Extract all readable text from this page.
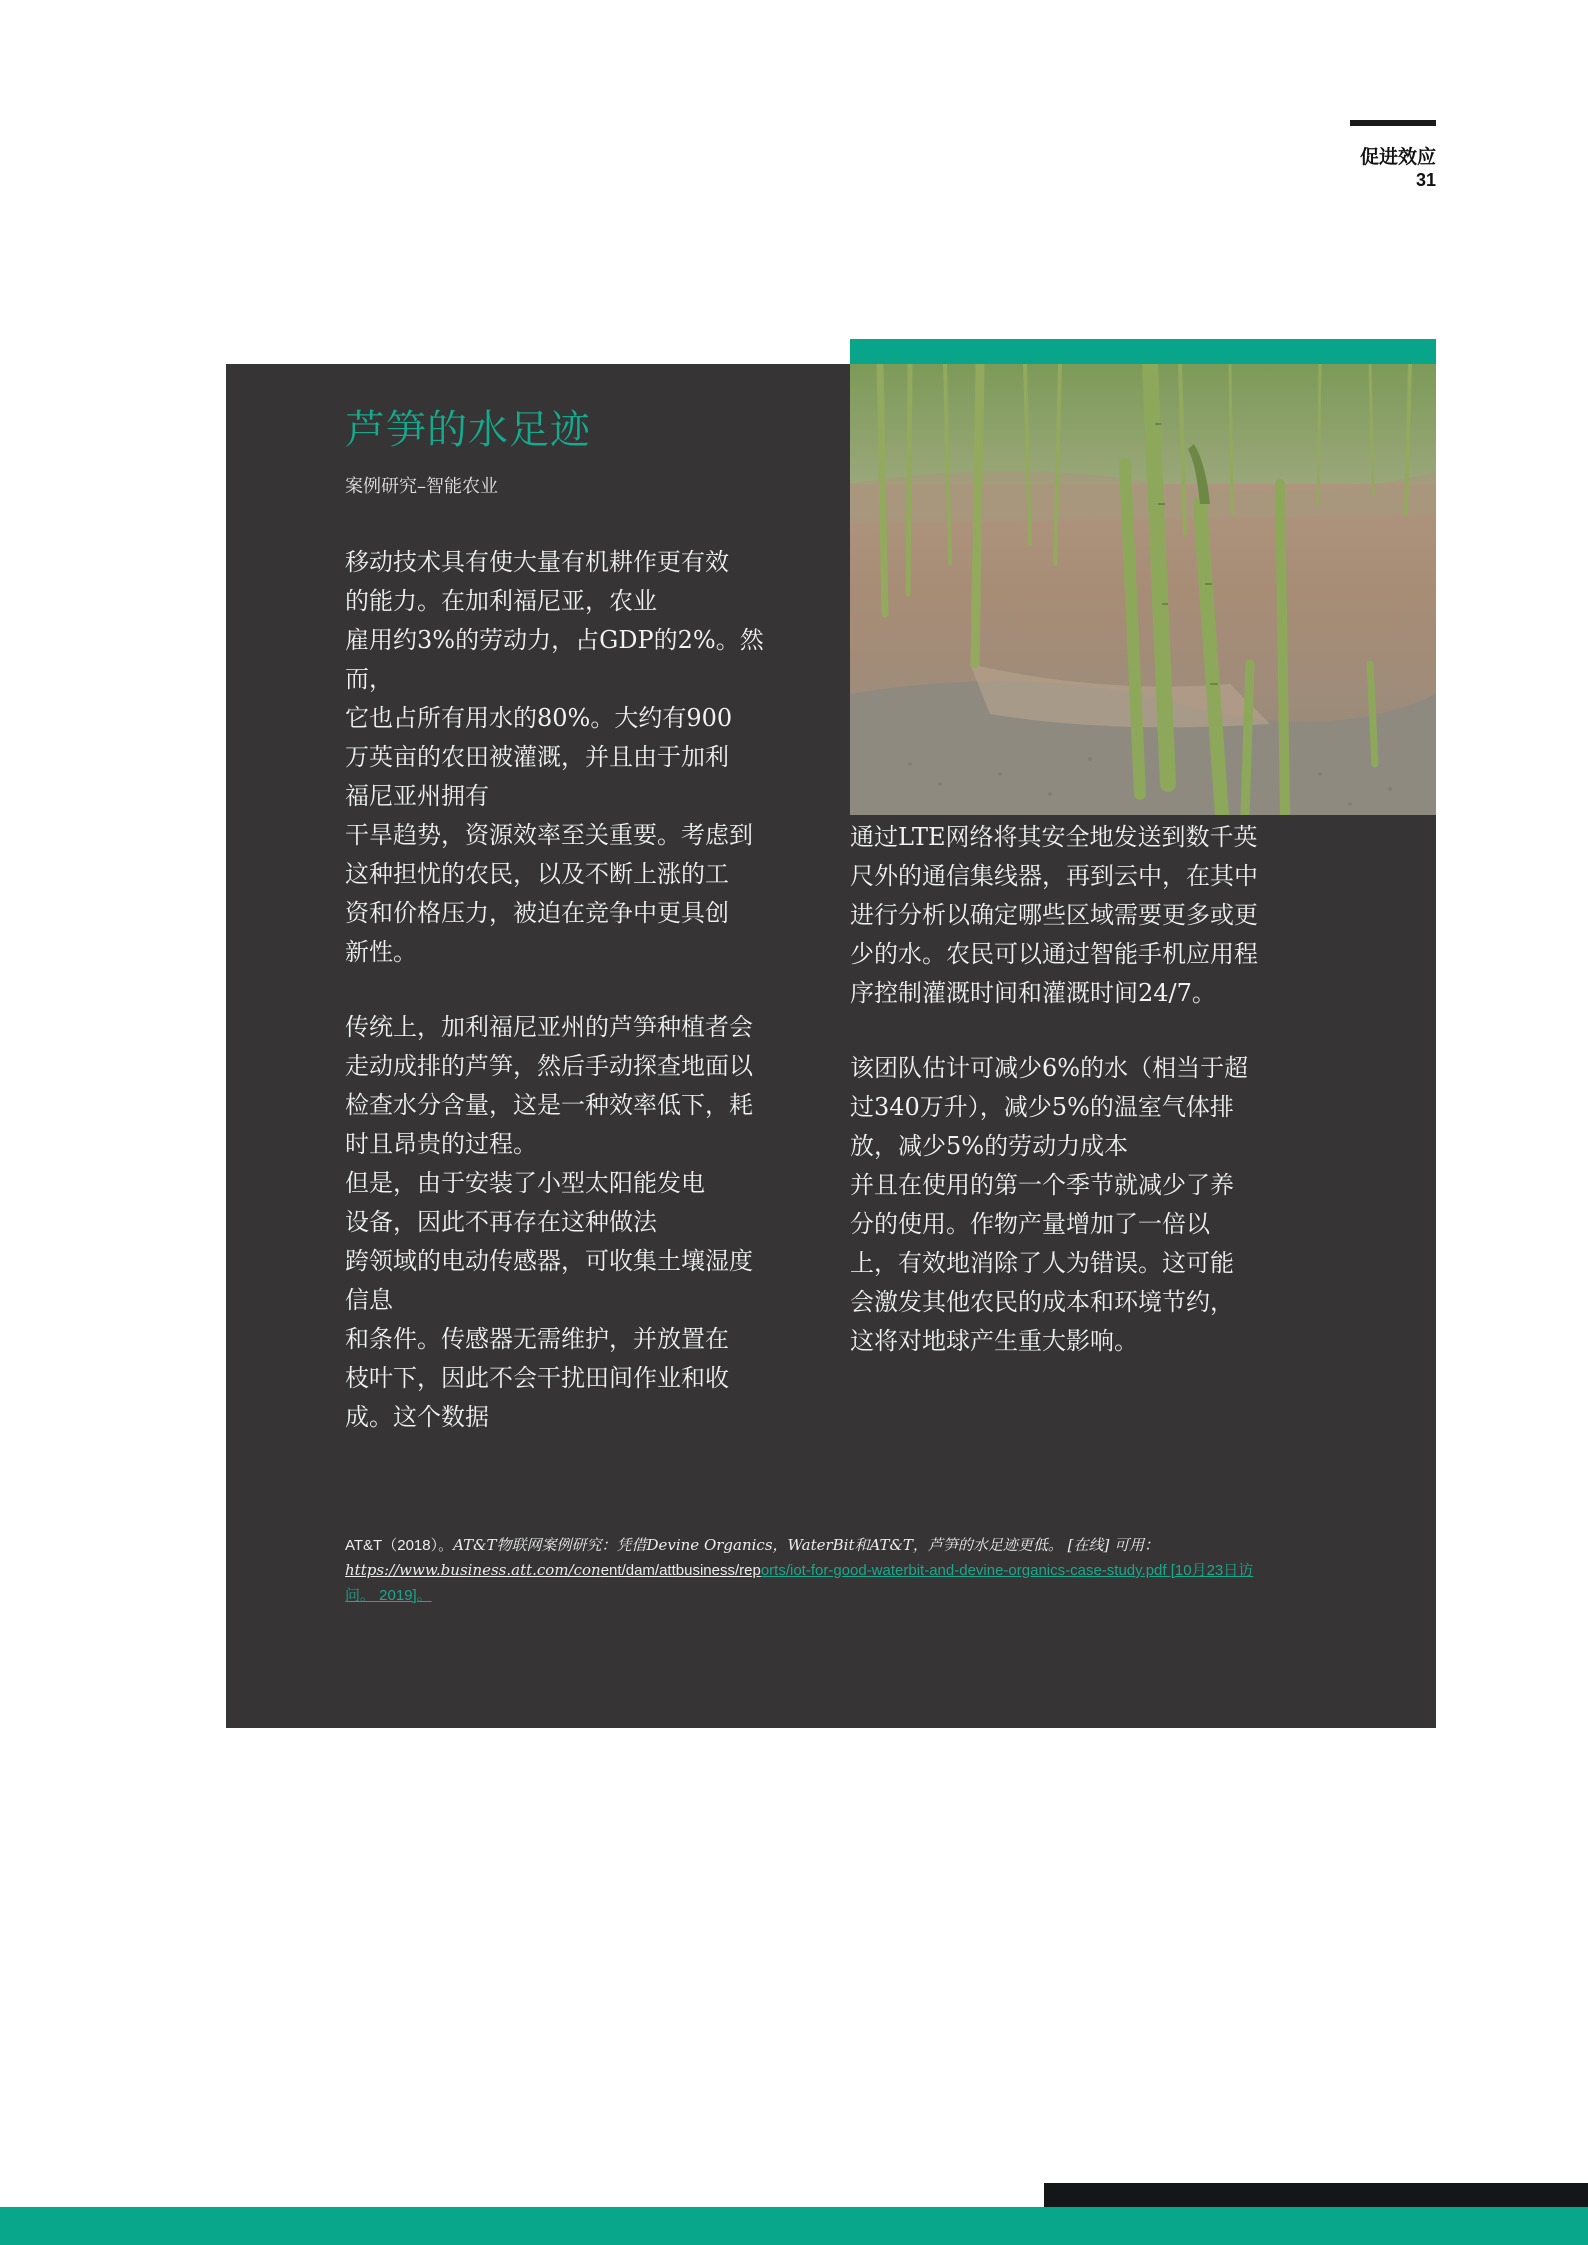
促进效应
31
芦笋的水足迹
案例研究–智能农业

移动技术具有使大量有机耕作更有效

的能力。在加利福尼亚，农业

雇用约3%的劳动力，占GDP的2%。然

而，

它也占所有用水的80%。大约有900

万英亩的农田被灌溉，并且由于加利

福尼亚州拥有

干旱趋势，资源效率至关重要。考虑到

这种担忧的农民，以及不断上涨的工

资和价格压力，被迫在竞争中更具创

新性。

传统上，加利福尼亚州的芦笋种植者会

走动成排的芦笋，然后手动探查地面以

检查水分含量，这是一种效率低下，耗

时且昂贵的过程。

但是，由于安装了小型太阳能发电

设备，因此不再存在这种做法

跨领域的电动传感器，可收集土壤湿度

信息

和条件。传感器无需维护，并放置在

枝叶下，因此不会干扰田间作业和收

成。这个数据

通过LTE网络将其安全地发送到数千英

尺外的通信集线器，再到云中，在其中

进行分析以确定哪些区域需要更多或更

少的水。农民可以通过智能手机应用程

序控制灌溉时间和灌溉时间24/7。

该团队估计可减少6%的水（相当于超

过340万升），减少5%的温室气体排

放，减少5%的劳动力成本

并且在使用的第一个季节就减少了养

分的使用。作物产量增加了一倍以

上，有效地消除了人为错误。这可能

会激发其他农民的成本和环境节约，

这将对地球产生重大影响。

AT&T（2018）。AT&T物联网案例研究：凭借Devine Organics，WaterBit和AT&T，芦笋的水足迹更低。 [在线] 可用：
https://www.business.att.com/conent/dam/attbusiness/reports/iot-for-good-waterbit-and-devine-organics-case-study.pdf [10月23日访
问。 2019]。
